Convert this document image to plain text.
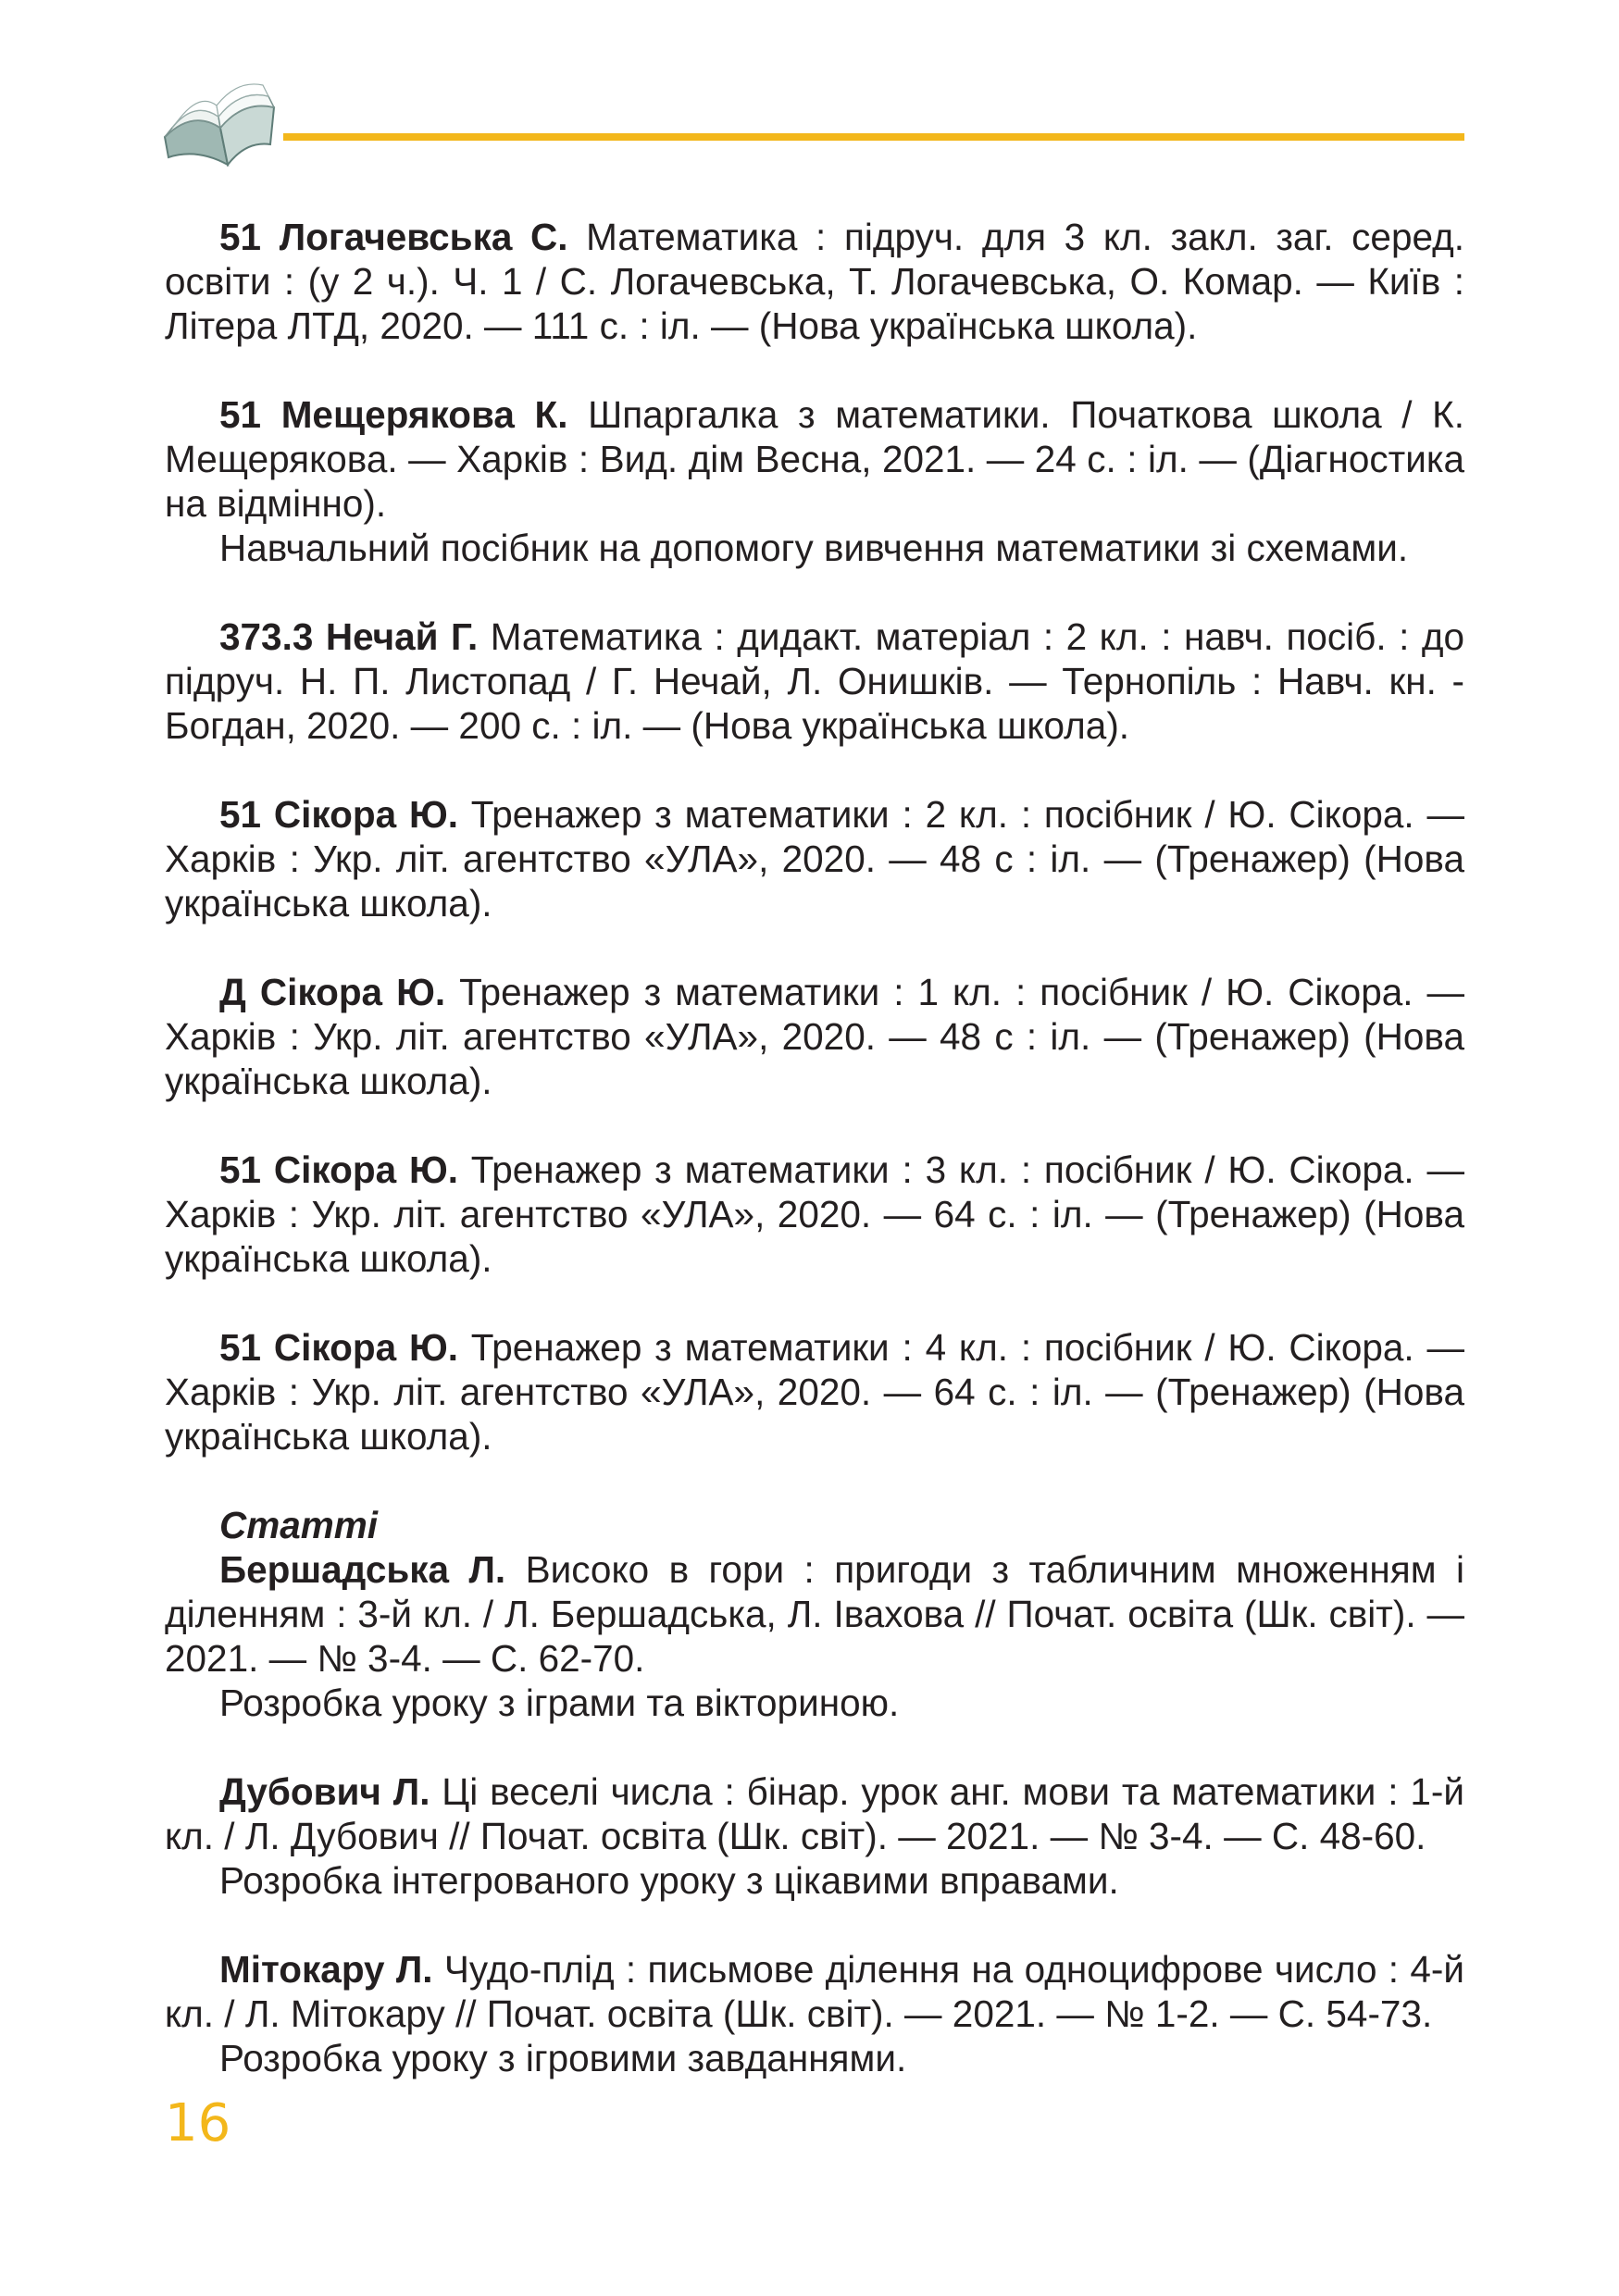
51 Логачевська С. Математика : підруч. для 3 кл. закл. заг. серед. освіти : (у 2 ч.). Ч. 1 / С. Логачевська, Т. Логачевська, О. Комар. — Київ : Літера ЛТД, 2020. — 111 с. : іл. — (Нова українська школа).

51 Мещерякова К. Шпаргалка з математики. Початкова школа / К. Мещерякова. — Харків : Вид. дім Весна, 2021. — 24 с. : іл. — (Діагностика на відмінно).

Навчальний посібник на допомогу вивчення математики зі схемами.

373.3 Нечай Г. Математика : дидакт. матеріал : 2 кл. : навч. посіб. : до підруч. Н. П. Листопад / Г. Нечай, Л. Онишків. — Тернопіль : Навч. кн. - Богдан, 2020. — 200 с. : іл. — (Нова українська школа).

51 Сікора Ю. Тренажер з математики : 2 кл. : посібник / Ю. Сікора. — Харків : Укр. літ. агентство «УЛА», 2020. — 48 с : іл. — (Тренажер) (Нова українська школа).

Д Сікора Ю. Тренажер з математики : 1 кл. : посібник / Ю. Сікора. — Харків : Укр. літ. агентство «УЛА», 2020. — 48 с : іл. — (Тренажер) (Нова українська школа).

51 Сікора Ю. Тренажер з математики : 3 кл. : посібник / Ю. Сікора. — Харків : Укр. літ. агентство «УЛА», 2020. — 64 с. : іл. — (Тренажер) (Нова українська школа).

51 Сікора Ю. Тренажер з математики : 4 кл. : посібник / Ю. Сікора. — Харків : Укр. літ. агентство «УЛА», 2020. — 64 с. : іл. — (Тренажер) (Нова українська школа).

Статті

Бершадська Л. Високо в гори : пригоди з табличним множенням і діленням : 3-й кл. / Л. Бершадська, Л. Івахова // Почат. освіта (Шк. світ). — 2021. — № 3-4. — С. 62-70.

Розробка уроку з іграми та вікториною.

Дубович Л. Ці веселі числа : бінар. урок анг. мови та математики : 1-й кл. / Л. Дубович // Почат. освіта (Шк. світ). — 2021. — № 3-4. — С. 48-60.

Розробка інтегрованого уроку з цікавими вправами.

Мітокару Л. Чудо-плід : письмове ділення на одноцифрове число : 4-й кл. / Л. Мітокару // Почат. освіта (Шк. світ). — 2021. — № 1-2. — С. 54-73.

Розробка уроку з ігровими завданнями.

16
